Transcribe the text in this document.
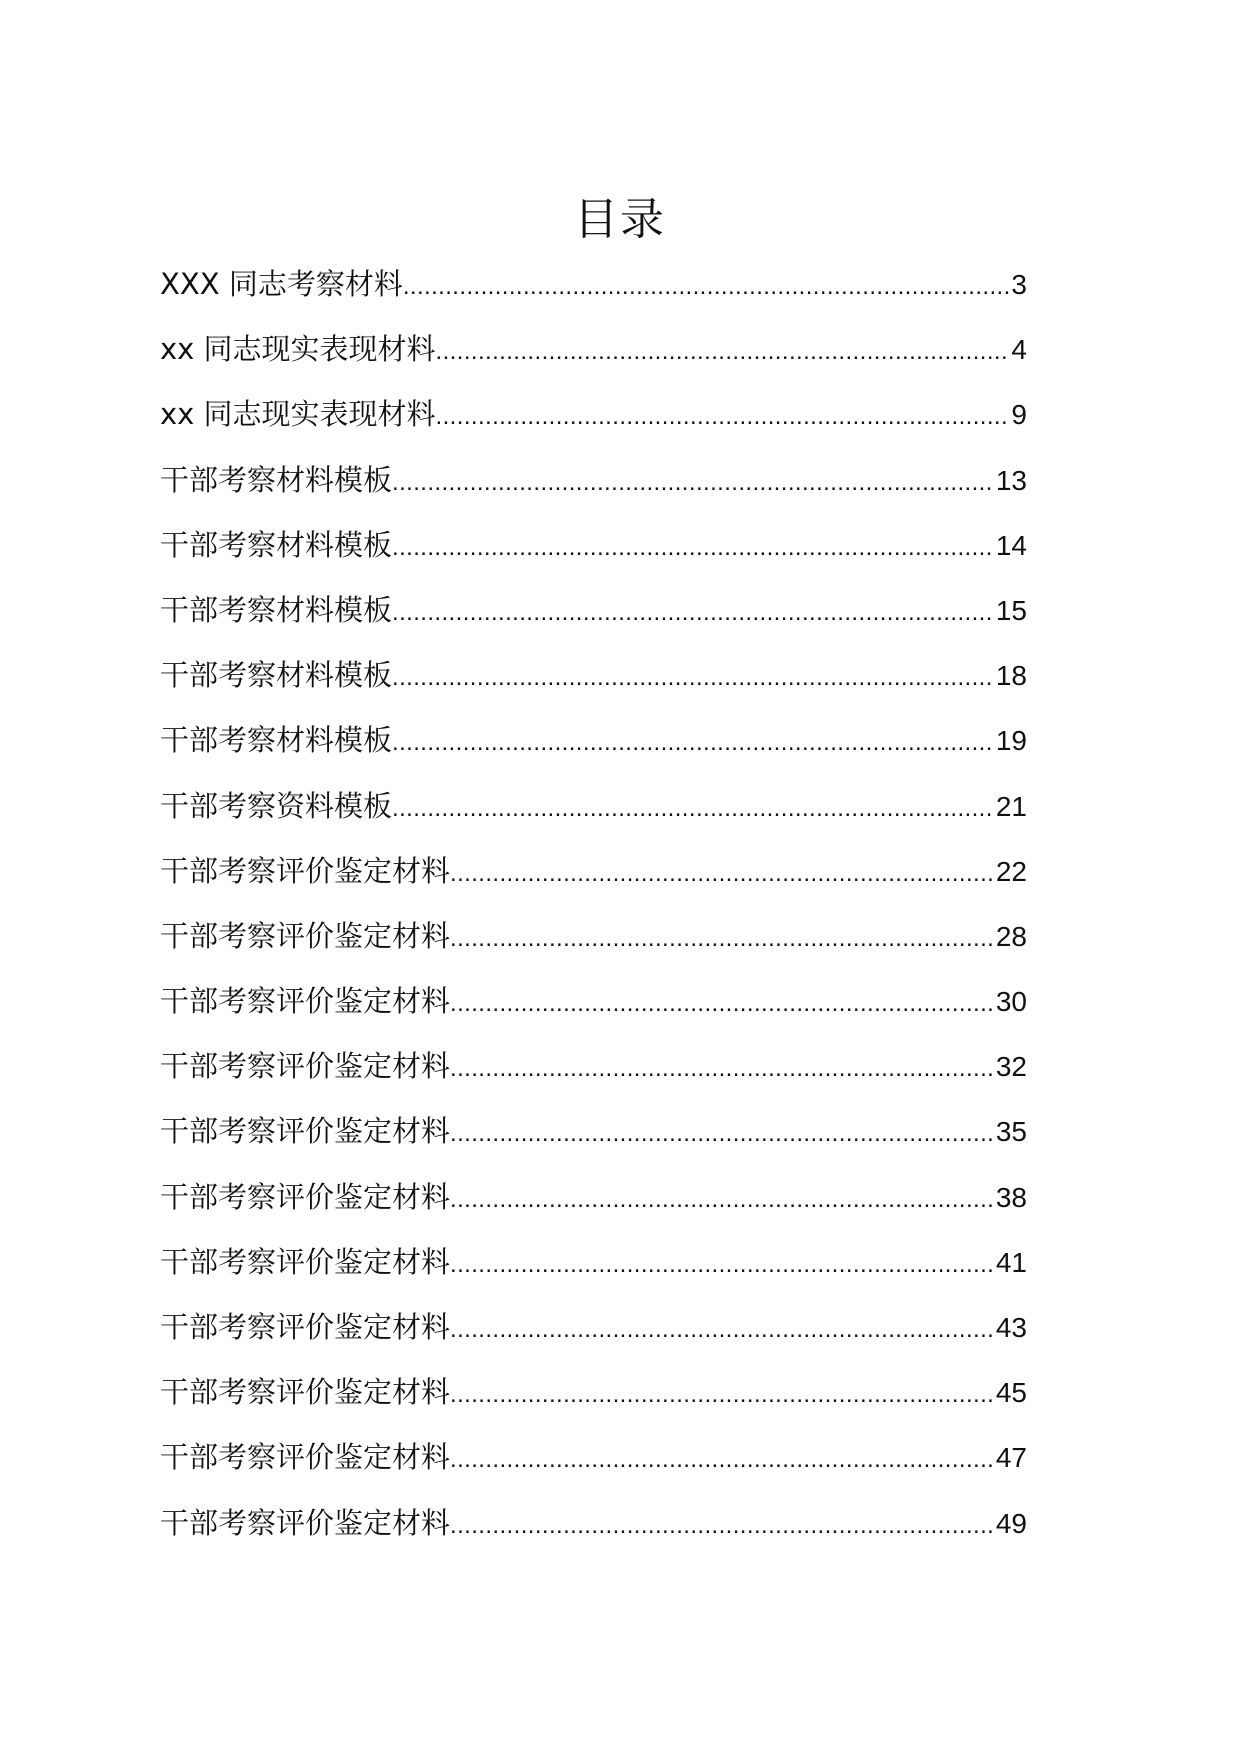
目录
XXX 同志考察材料 .....	3
xx 同志现实表现材料 .....	4
xx 同志现实表现材料 .....	9
干部考察材料模板 .....	13
干部考察材料模板 .....	14
干部考察材料模板 .....	15
干部考察材料模板 .....	18
干部考察材料模板 .....	19
干部考察资料模板 .....	21
干部考察评价鉴定材料 .....	22
干部考察评价鉴定材料 .....	28
干部考察评价鉴定材料 .....	30
干部考察评价鉴定材料 .....	32
干部考察评价鉴定材料 .....	35
干部考察评价鉴定材料 .....	38
干部考察评价鉴定材料 .....	41
干部考察评价鉴定材料 .....	43
干部考察评价鉴定材料 .....	45
干部考察评价鉴定材料 .....	47
干部考察评价鉴定材料 .....	49
